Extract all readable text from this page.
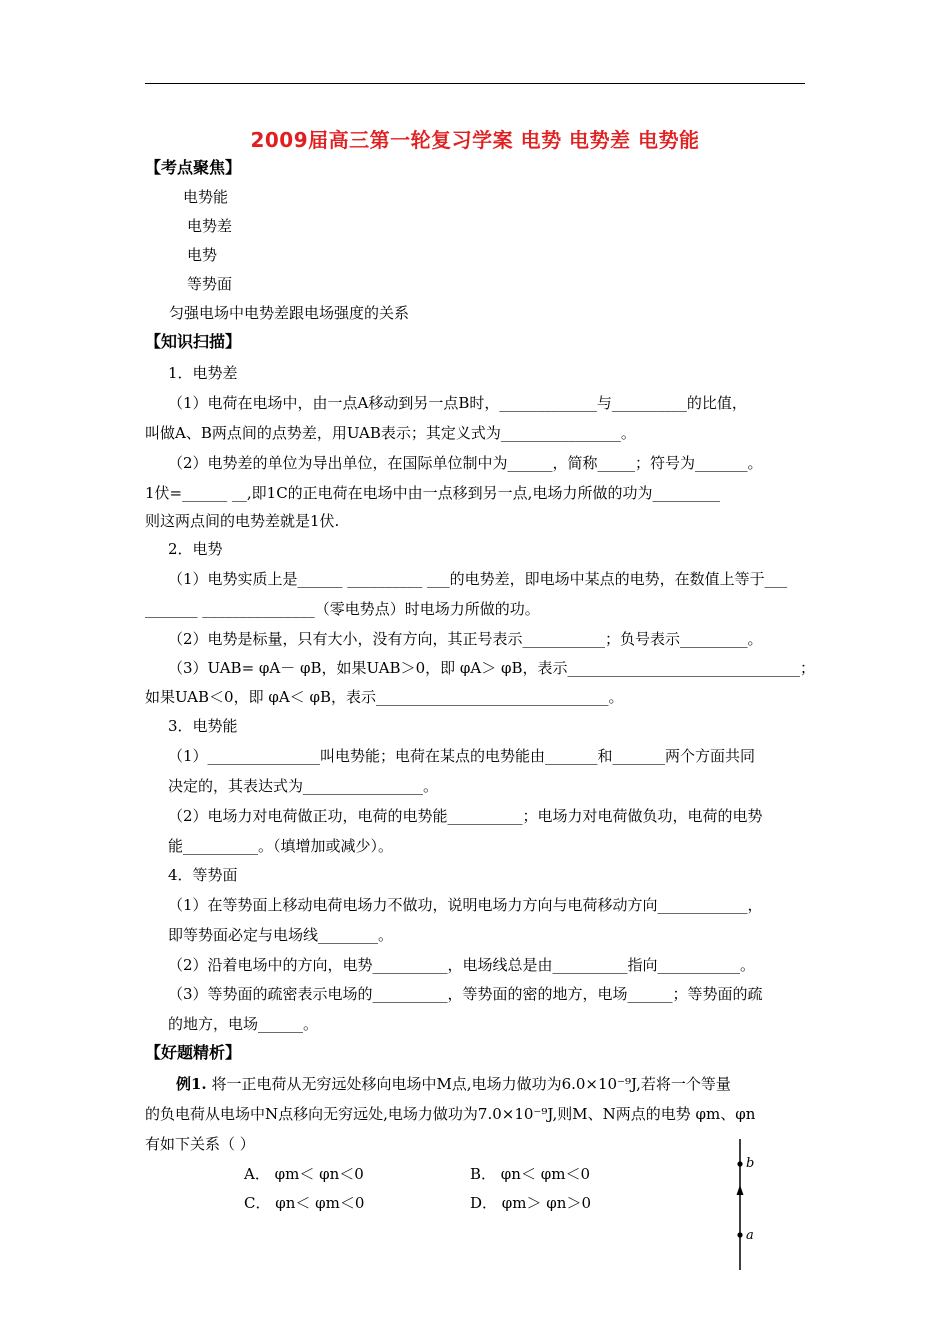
2009届高三第一轮复习学案 电势 电势差 电势能
【考点聚焦】
电势能
电势差
电势
等势面
匀强电场中电势差跟电场强度的关系
【知识扫描】
1．电势差
（1）电荷在电场中，由一点A移动到另一点B时，_____________与__________的比值，
叫做A、B两点间的点势差，用UAB表示；其定义式为________________。
（2）电势差的单位为导出单位，在国际单位制中为______，简称_____；符号为_______。
1伏=______ __,即1C的正电荷在电场中由一点移到另一点,电场力所做的功为_________
则这两点间的电势差就是1伏.
2．电势
（1）电势实质上是______ __________ ___的电势差，即电场中某点的电势，在数值上等于___
_______ _______________（零电势点）时电场力所做的功。
（2）电势是标量，只有大小，没有方向，其正号表示___________；负号表示_________。
（3）UAB= φA－ φB，如果UAB＞0，即 φA＞ φB，表示_______________________________；
如果UAB＜0，即 φA＜ φB，表示_______________________________。
3．电势能
（1）_______________叫电势能；电荷在某点的电势能由_______和_______两个方面共同
决定的，其表达式为________________。
（2）电场力对电荷做正功，电荷的电势能__________；电场力对电荷做负功，电荷的电势
能__________。（填增加或减少）。
4．等势面
（1）在等势面上移动电荷电场力不做功，说明电场力方向与电荷移动方向____________，
即等势面必定与电场线________。
（2）沿着电场中的方向，电势__________，电场线总是由__________指向___________。
（3）等势面的疏密表示电场的__________，等势面的密的地方，电场______；等势面的疏
的地方，电场______。
【好题精析】
例1. 将一正电荷从无穷远处移向电场中M点,电场力做功为6.0×10⁻⁹J,若将一个等量
的负电荷从电场中N点移向无穷远处,电场力做功为7.0×10⁻⁹J,则M、N两点的电势 φm、φn
有如下关系（ ）
A． φm＜ φn＜0	B． φn＜ φm＜0
C． φn＜ φm＜0	D． φm＞ φn＞0
b
a
